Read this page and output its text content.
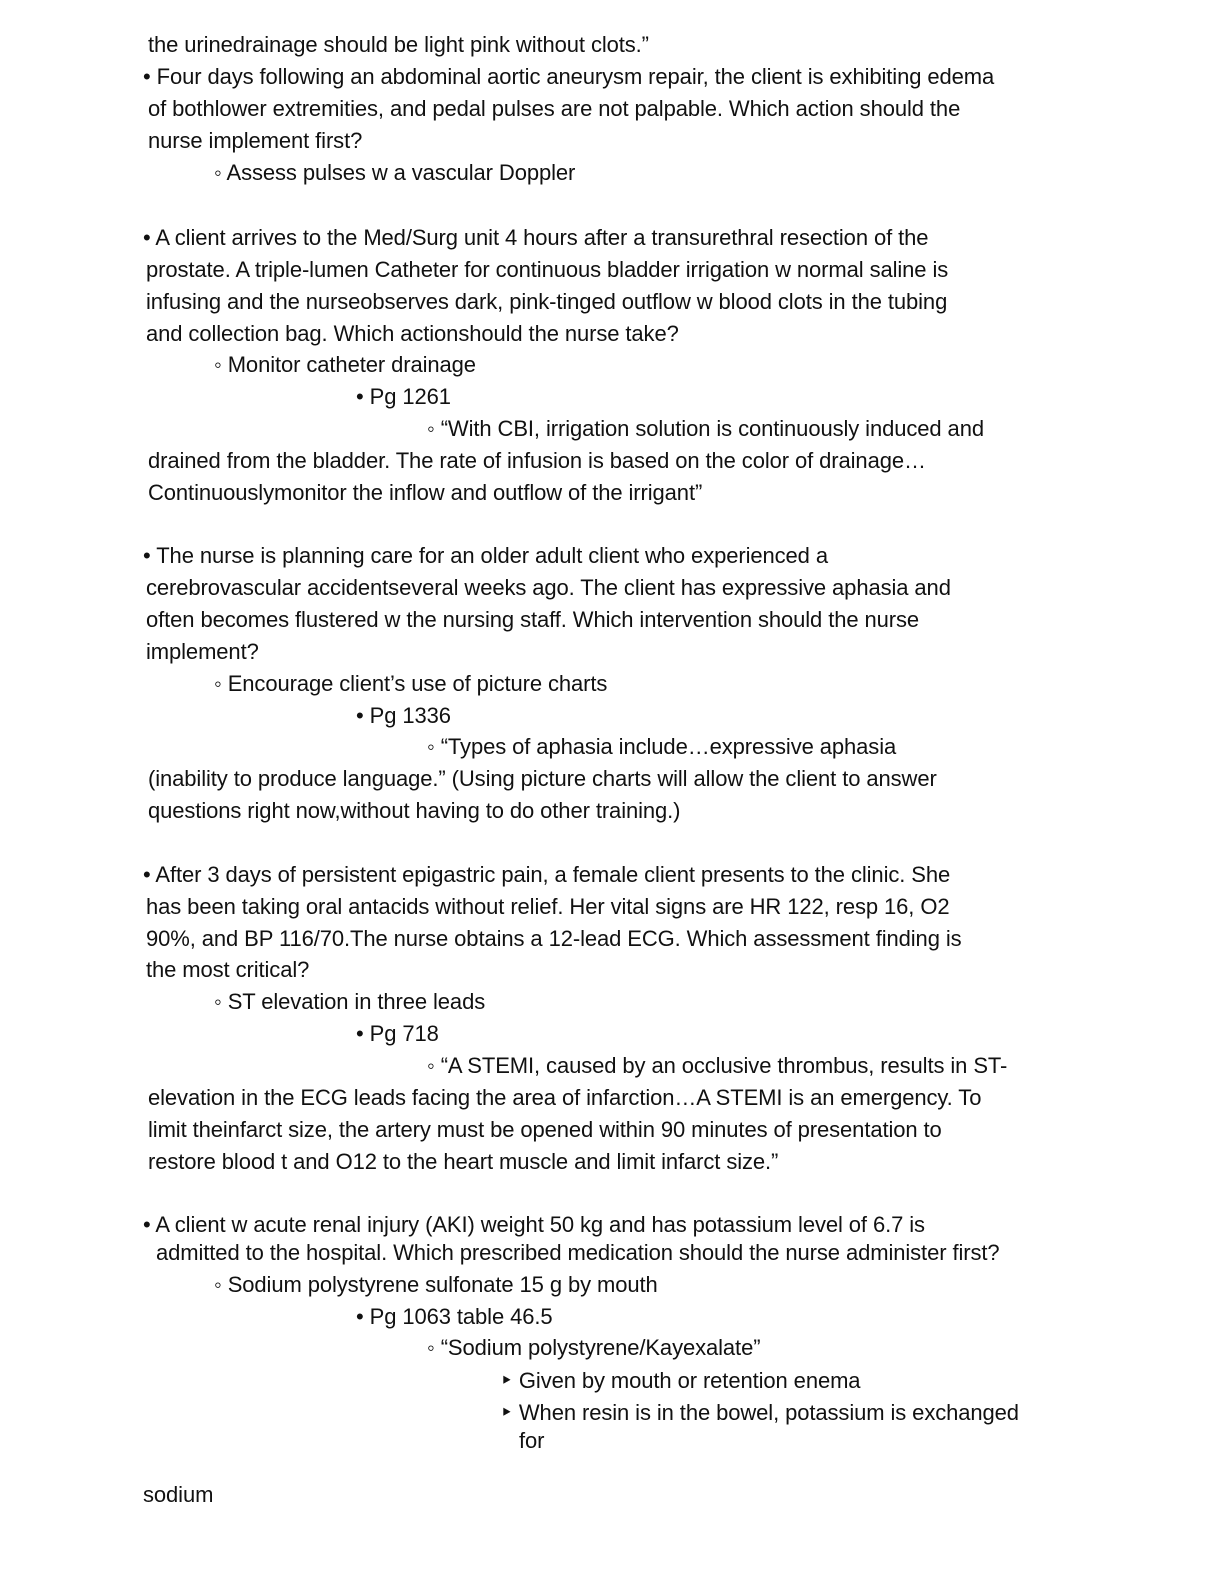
the urinedrainage should be light pink without clots.”
• Four days following an abdominal aortic aneurysm repair, the client is exhibiting edema
of bothlower extremities, and pedal pulses are not palpable. Which action should the
nurse implement first?
◦ Assess pulses w a vascular Doppler
• A client arrives to the Med/Surg unit 4 hours after a transurethral resection of the
prostate. A triple-lumen Catheter for continuous bladder irrigation w normal saline is
infusing and the nurseobserves dark, pink-tinged outflow w blood clots in the tubing
and collection bag. Which actionshould the nurse take?
◦ Monitor catheter drainage
• Pg 1261
◦ “With CBI, irrigation solution is continuously induced and
drained from the bladder. The rate of infusion is based on the color of drainage…
Continuouslymonitor the inflow and outflow of the irrigant”
• The nurse is planning care for an older adult client who experienced a
cerebrovascular accidentseveral weeks ago. The client has expressive aphasia and
often becomes flustered w the nursing staff. Which intervention should the nurse
implement?
◦ Encourage client’s use of picture charts
• Pg 1336
◦ “Types of aphasia include…expressive aphasia
(inability to produce language.” (Using picture charts will allow the client to answer
questions right now,without having to do other training.)
• After 3 days of persistent epigastric pain, a female client presents to the clinic. She
has been taking oral antacids without relief. Her vital signs are HR 122, resp 16, O2
90%, and BP 116/70.The nurse obtains a 12-lead ECG. Which assessment finding is
the most critical?
◦ ST elevation in three leads
• Pg 718
◦ “A STEMI, caused by an occlusive thrombus, results in ST-
elevation in the ECG leads facing the area of infarction…A STEMI is an emergency. To
limit theinfarct size, the artery must be opened within 90 minutes of presentation to
restore blood t and O12 to the heart muscle and limit infarct size.”
• A client w acute renal injury (AKI) weight 50 kg and has potassium level of 6.7 is
admitted to the hospital. Which prescribed medication should the nurse administer first?
◦ Sodium polystyrene sulfonate 15 g by mouth
• Pg 1063 table 46.5
◦ “Sodium polystyrene/Kayexalate”
‣ Given by mouth or retention enema
‣ When resin is in the bowel, potassium is exchanged
for
sodium
